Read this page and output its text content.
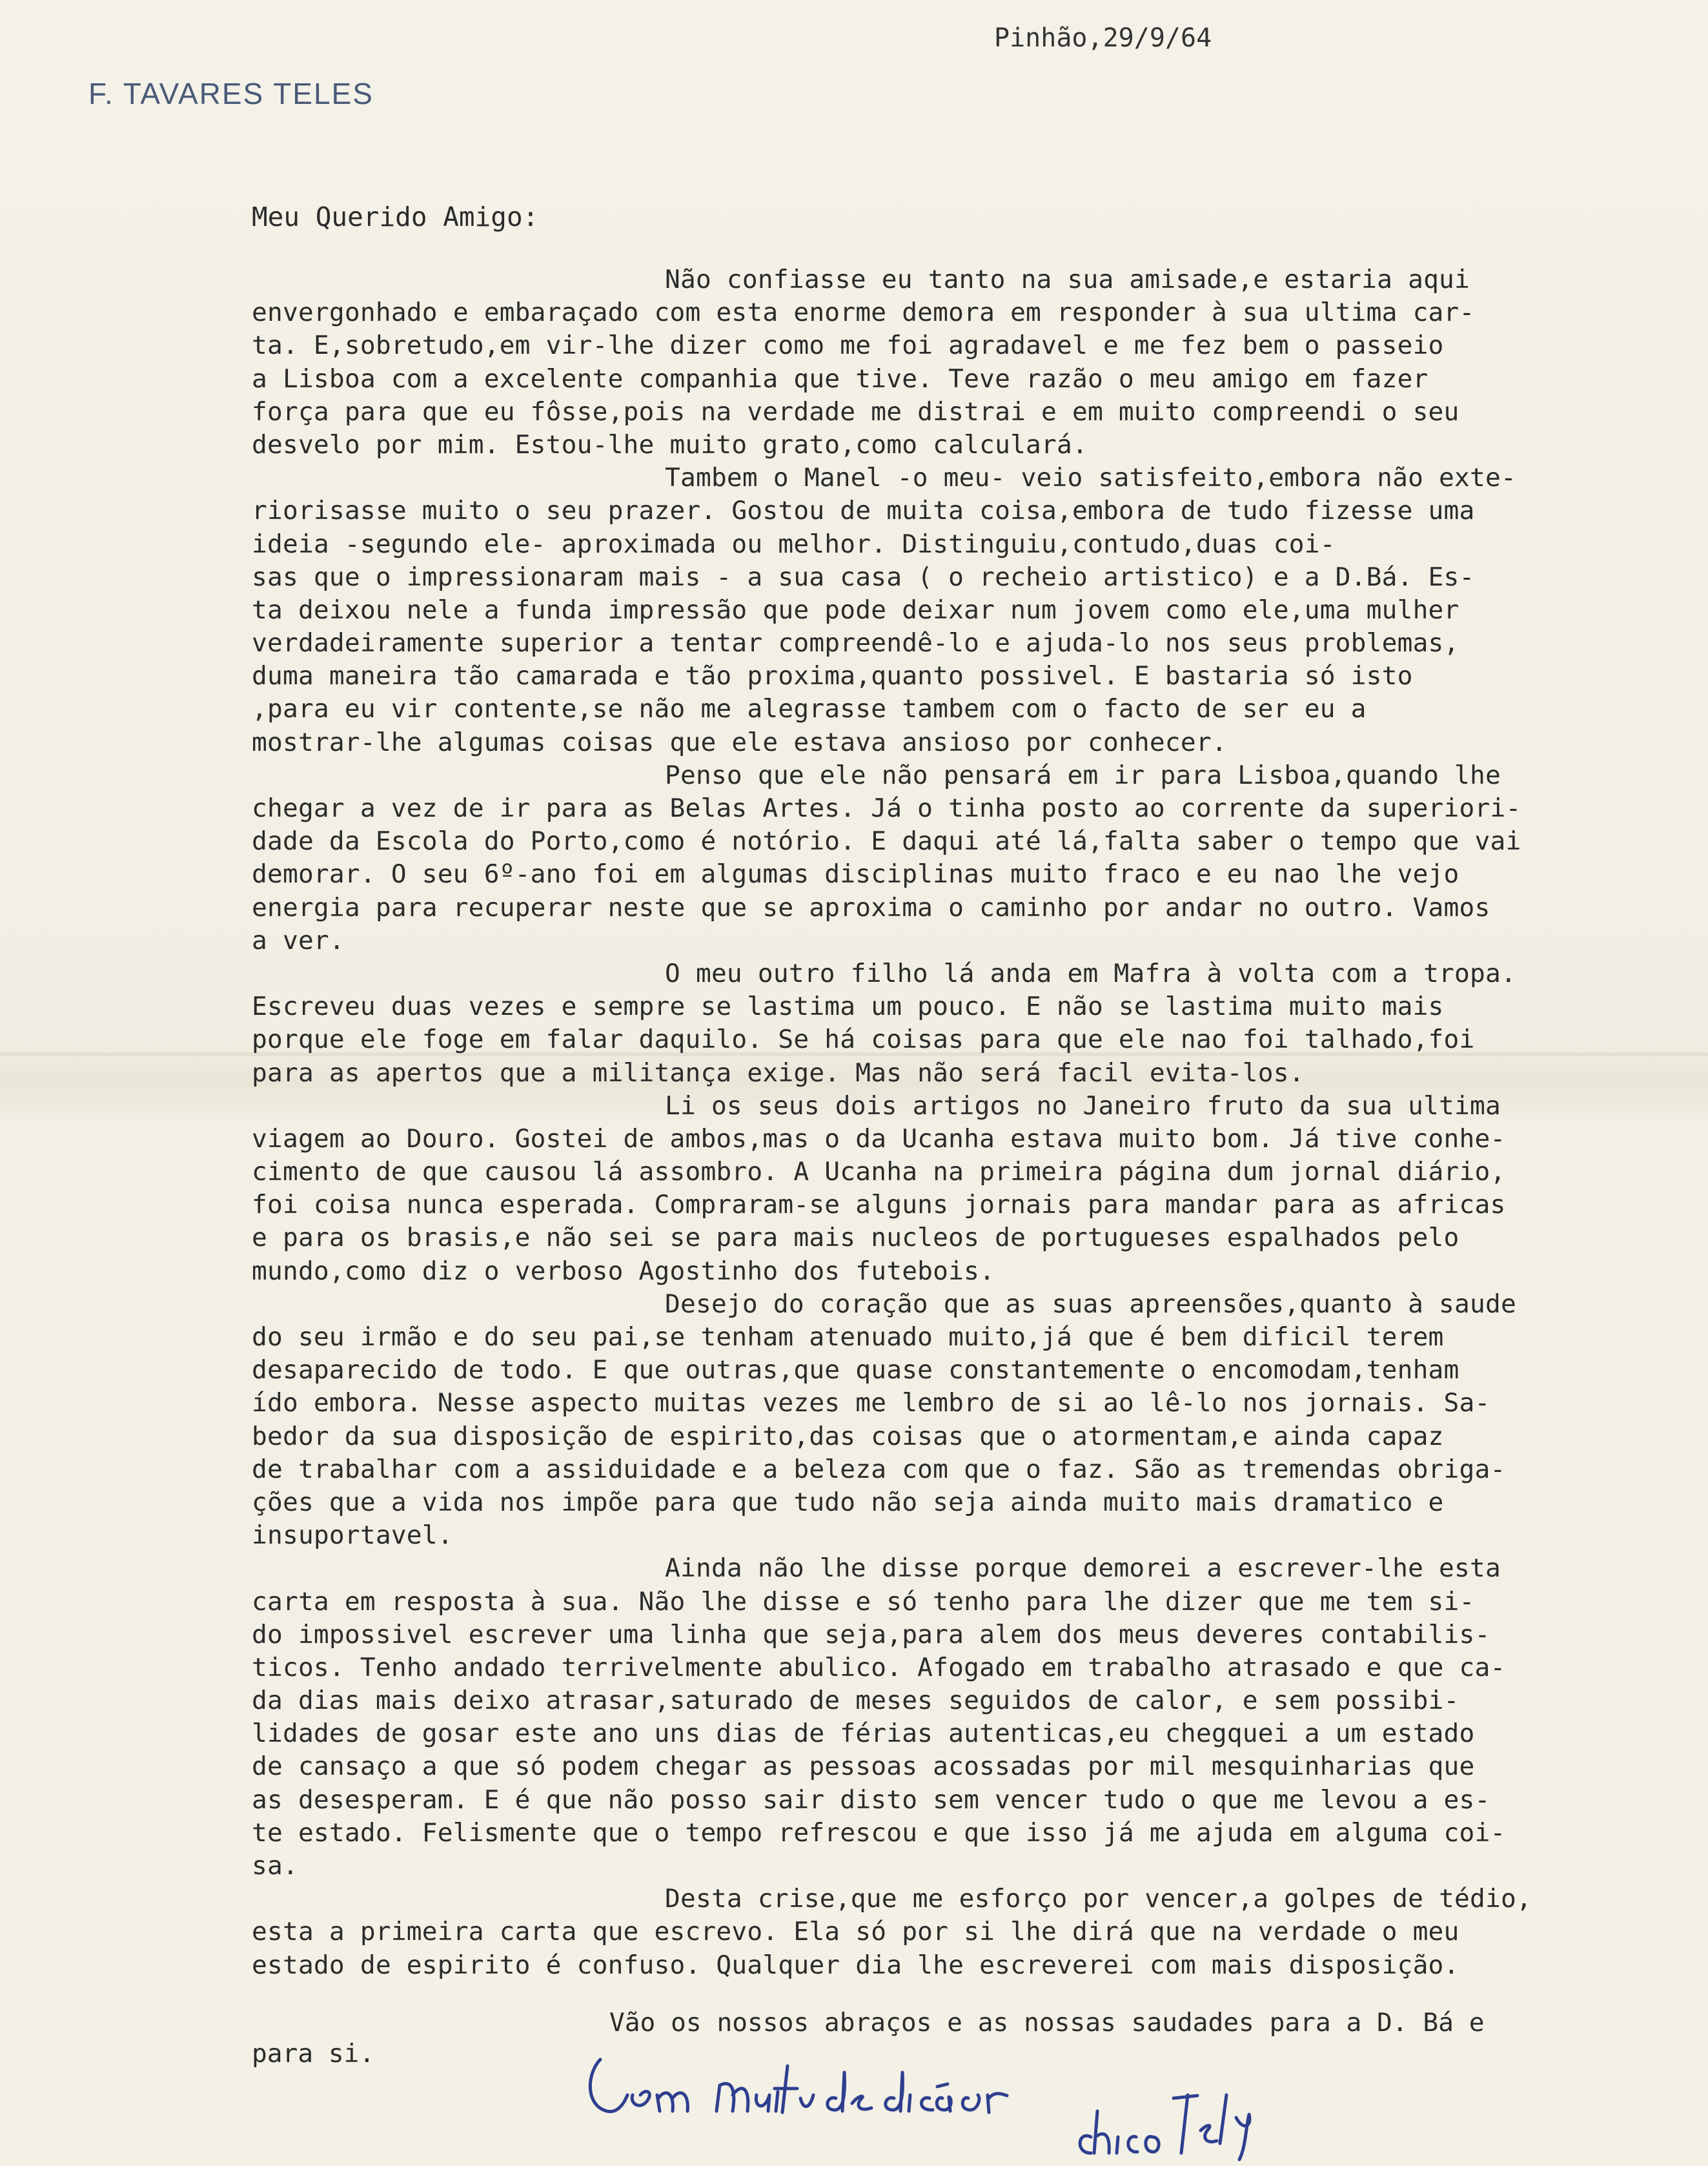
F. TAVARES TELES
Pinhão,29/9/64
Meu Querido Amigo:
Não confiasse eu tanto na sua amisade,e estaria aqui
envergonhado e embaraçado com esta enorme demora em responder à sua ultima car-
ta. E,sobretudo,em vir-lhe dizer como me foi agradavel e me fez bem o passeio
a Lisboa com a excelente companhia que tive. Teve razão o meu amigo em fazer
força para que eu fôsse,pois na verdade me distrai e em muito compreendi o seu
desvelo por mim. Estou-lhe muito grato,como calculará.
Tambem o Manel -o meu- veio satisfeito,embora não exte-
riorisasse muito o seu prazer. Gostou de muita coisa,embora de tudo fizesse uma
ideia -segundo ele- aproximada ou melhor. Distinguiu,contudo,duas coi-
sas que o impressionaram mais - a sua casa ( o recheio artistico) e a D.Bá. Es-
ta deixou nele a funda impressão que pode deixar num jovem como ele,uma mulher
verdadeiramente superior a tentar compreendê-lo e ajuda-lo nos seus problemas,
duma maneira tão camarada e tão proxima,quanto possivel. E bastaria só isto
,para eu vir contente,se não me alegrasse tambem com o facto de ser eu a
mostrar-lhe algumas coisas que ele estava ansioso por conhecer.
Penso que ele não pensará em ir para Lisboa,quando lhe
chegar a vez de ir para as Belas Artes. Já o tinha posto ao corrente da superiori-
dade da Escola do Porto,como é notório. E daqui até lá,falta saber o tempo que vai
demorar. O seu 6º-ano foi em algumas disciplinas muito fraco e eu nao lhe vejo
energia para recuperar neste que se aproxima o caminho por andar no outro. Vamos
a ver.
O meu outro filho lá anda em Mafra à volta com a tropa.
Escreveu duas vezes e sempre se lastima um pouco. E não se lastima muito mais
porque ele foge em falar daquilo. Se há coisas para que ele nao foi talhado,foi
para as apertos que a militança exige. Mas não será facil evita-los.
Li os seus dois artigos no Janeiro fruto da sua ultima
viagem ao Douro. Gostei de ambos,mas o da Ucanha estava muito bom. Já tive conhe-
cimento de que causou lá assombro. A Ucanha na primeira página dum jornal diário,
foi coisa nunca esperada. Compraram-se alguns jornais para mandar para as africas
e para os brasis,e não sei se para mais nucleos de portugueses espalhados pelo
mundo,como diz o verboso Agostinho dos futebois.
Desejo do coração que as suas apreensões,quanto à saude
do seu irmão e do seu pai,se tenham atenuado muito,já que é bem dificil terem
desaparecido de todo. E que outras,que quase constantemente o encomodam,tenham
ído embora. Nesse aspecto muitas vezes me lembro de si ao lê-lo nos jornais. Sa-
bedor da sua disposição de espirito,das coisas que o atormentam,e ainda capaz
de trabalhar com a assiduidade e a beleza com que o faz. São as tremendas obriga-
ções que a vida nos impõe para que tudo não seja ainda muito mais dramatico e
insuportavel.
Ainda não lhe disse porque demorei a escrever-lhe esta
carta em resposta à sua. Não lhe disse e só tenho para lhe dizer que me tem si-
do impossivel escrever uma linha que seja,para alem dos meus deveres contabilis-
ticos. Tenho andado terrivelmente abulico. Afogado em trabalho atrasado e que ca-
da dias mais deixo atrasar,saturado de meses seguidos de calor, e sem possibi-
lidades de gosar este ano uns dias de férias autenticas,eu chegquei a um estado
de cansaço a que só podem chegar as pessoas acossadas por mil mesquinharias que
as desesperam. E é que não posso sair disto sem vencer tudo o que me levou a es-
te estado. Felismente que o tempo refrescou e que isso já me ajuda em alguma coi-
sa.
Desta crise,que me esforço por vencer,a golpes de tédio,
esta a primeira carta que escrevo. Ela só por si lhe dirá que na verdade o meu
estado de espirito é confuso. Qualquer dia lhe escreverei com mais disposição.
Vão os nossos abraços e as nossas saudades para a D. Bá e
para si.
